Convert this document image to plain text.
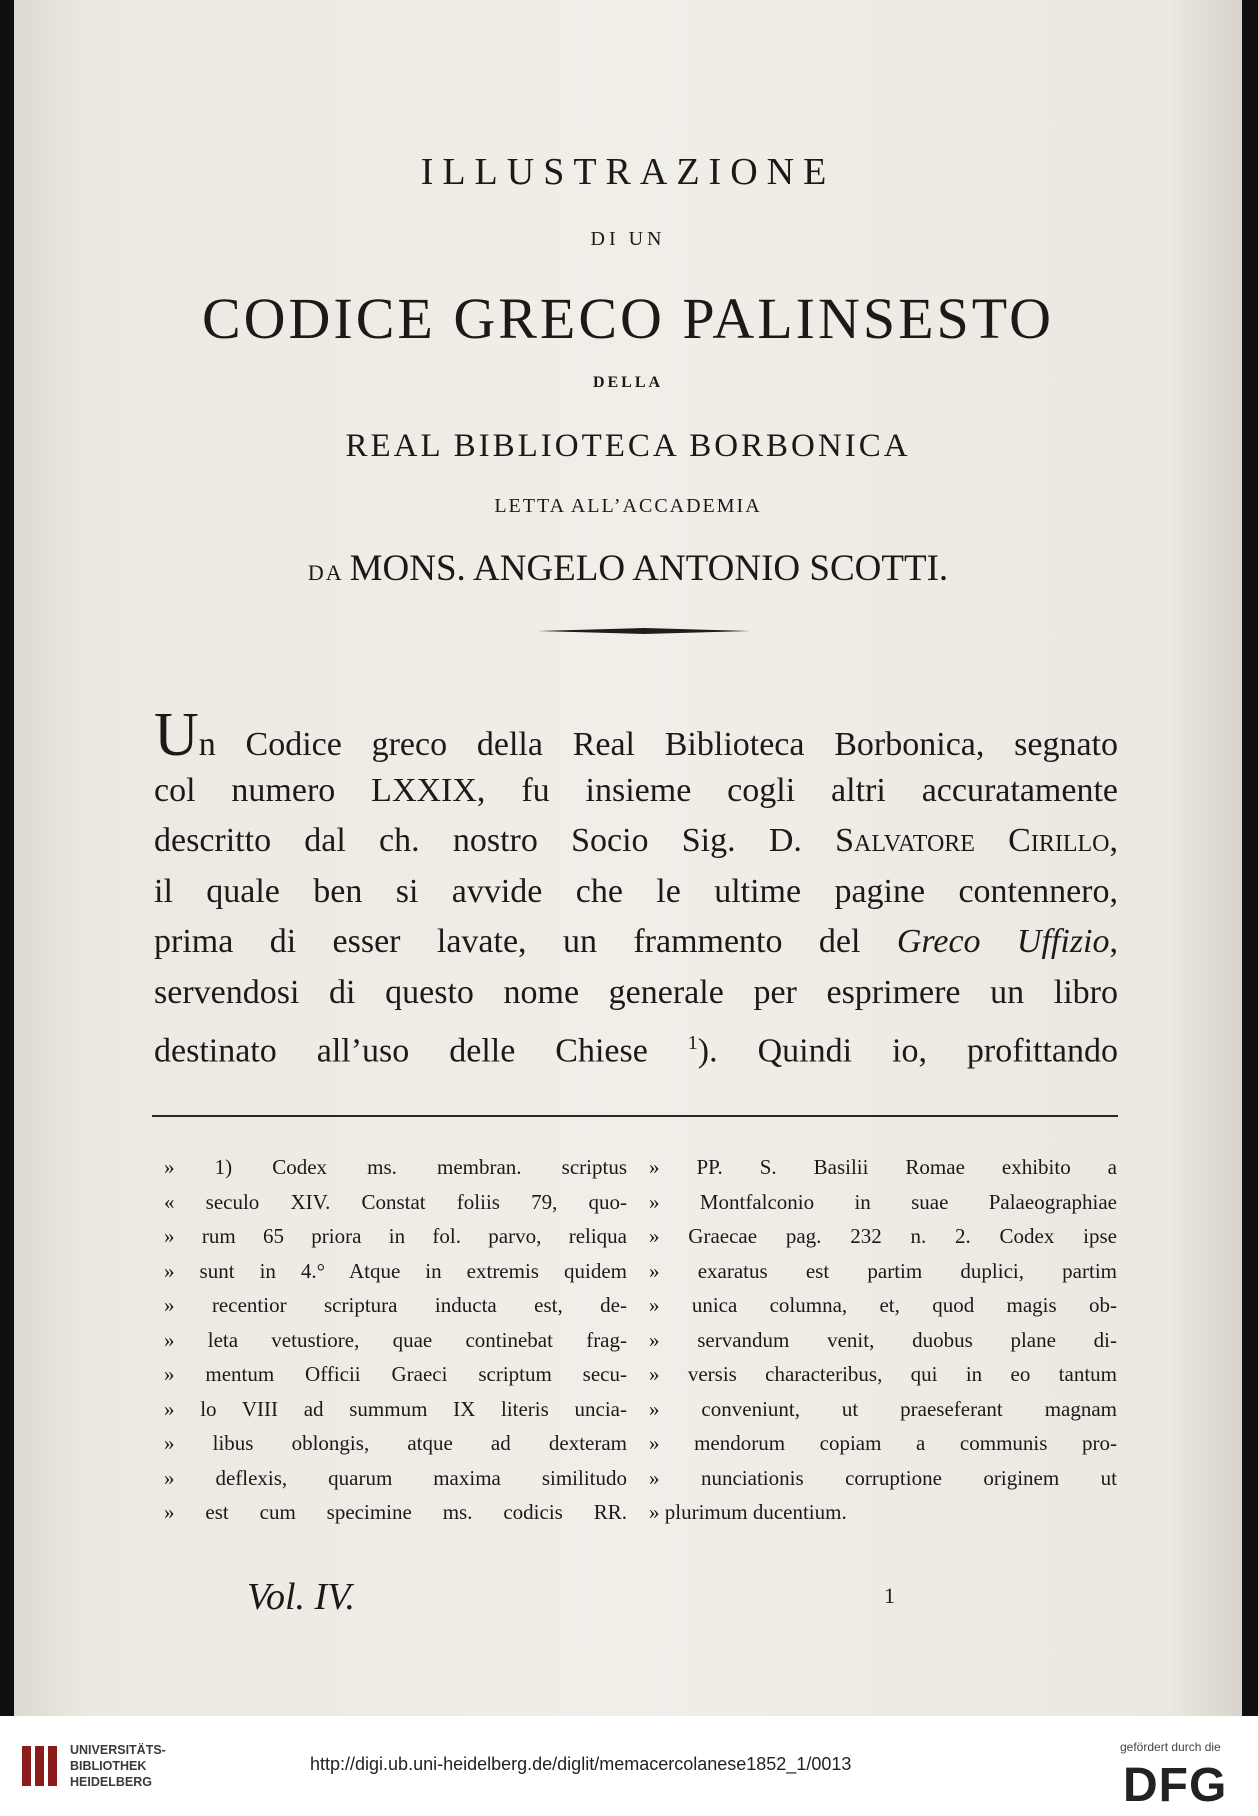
ILLUSTRAZIONE
DI UN
CODICE GRECO PALINSESTO
DELLA
REAL BIBLIOTECA BORBONICA
LETTA ALL’ACCADEMIA
DA MONS. ANGELO ANTONIO SCOTTI.
Un Codice greco della Real Biblioteca Borbonica, segnato
col numero LXXIX, fu insieme cogli altri accuratamente
descritto dal ch. nostro Socio Sig. D. Salvatore Cirillo,
il quale ben si avvide che le ultime pagine contennero,
prima di esser lavate, un frammento del Greco Uffizio,
servendosi di questo nome generale per esprimere un libro
destinato all’uso delle Chiese $^1$). Quindi io, profittando
» 1) Codex ms. membran. scriptus
« seculo XIV. Constat foliis 79, quo-
» rum 65 priora in fol. parvo, reliqua
» sunt in 4.° Atque in extremis quidem
» recentior scriptura inducta est, de-
» leta vetustiore, quae continebat frag-
» mentum Officii Graeci scriptum secu-
» lo VIII ad summum IX literis uncia-
» libus oblongis, atque ad dexteram
» deflexis, quarum maxima similitudo
» est cum specimine ms. codicis RR.
» PP. S. Basilii Romae exhibito a
» Montfalconio in suae Palaeographiae
» Graecae pag. 232 n. 2. Codex ipse
» exaratus est partim duplici, partim
» unica columna, et, quod magis ob-
» servandum venit, duobus plane di-
» versis characteribus, qui in eo tantum
» conveniunt, ut praeseferant magnam
» mendorum copiam a communis pro-
» nunciationis corruptione originem ut
» plurimum ducentium.
Vol. IV.	1
UNIVERSITÄTS-
BIBLIOTHEK
HEIDELBERG
http://digi.ub.uni-heidelberg.de/diglit/memacercolanese1852_1/0013
gefördert durch die
DFG
